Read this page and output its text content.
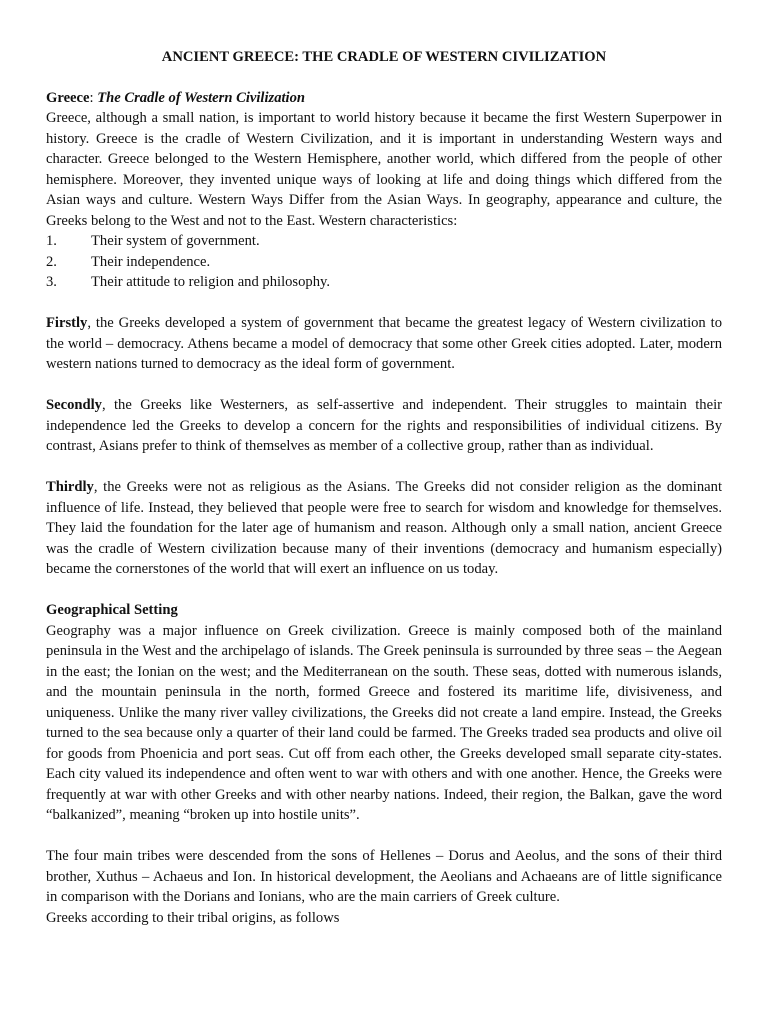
ANCIENT GREECE: THE CRADLE OF WESTERN CIVILIZATION

Greece: The Cradle of Western Civilization

Greece, although a small nation, is important to world history because it became the first Western Superpower in history. Greece is the cradle of Western Civilization, and it is important in understanding Western ways and character. Greece belonged to the Western Hemisphere, another world, which differed from the people of other hemisphere. Moreover, they invented unique ways of looking at life and doing things which differed from the Asian ways and culture. Western Ways Differ from the Asian Ways. In geography, appearance and culture, the Greeks belong to the West and not to the East. Western characteristics:

1.	Their system of government.
2.	Their independence.
3.	Their attitude to religion and philosophy.

Firstly, the Greeks developed a system of government that became the greatest legacy of Western civilization to the world – democracy. Athens became a model of democracy that some other Greek cities adopted. Later, modern western nations turned to democracy as the ideal form of government.

Secondly, the Greeks like Westerners, as self-assertive and independent. Their struggles to maintain their independence led the Greeks to develop a concern for the rights and responsibilities of individual citizens. By contrast, Asians prefer to think of themselves as member of a collective group, rather than as individual.

Thirdly, the Greeks were not as religious as the Asians. The Greeks did not consider religion as the dominant influence of life. Instead, they believed that people were free to search for wisdom and knowledge for themselves. They laid the foundation for the later age of humanism and reason. Although only a small nation, ancient Greece was the cradle of Western civilization because many of their inventions (democracy and humanism especially) became the cornerstones of the world that will exert an influence on us today.

Geographical Setting

Geography was a major influence on Greek civilization. Greece is mainly composed both of the mainland peninsula in the West and the archipelago of islands. The Greek peninsula is surrounded by three seas – the Aegean in the east; the Ionian on the west; and the Mediterranean on the south. These seas, dotted with numerous islands, and the mountain peninsula in the north, formed Greece and fostered its maritime life, divisiveness, and uniqueness. Unlike the many river valley civilizations, the Greeks did not create a land empire. Instead, the Greeks turned to the sea because only a quarter of their land could be farmed. The Greeks traded sea products and olive oil for goods from Phoenicia and port seas. Cut off from each other, the Greeks developed small separate city-states. Each city valued its independence and often went to war with others and with one another. Hence, the Greeks were frequently at war with other Greeks and with other nearby nations. Indeed, their region, the Balkan, gave the word “balkanized”, meaning “broken up into hostile units”.

The four main tribes were descended from the sons of Hellenes – Dorus and Aeolus, and the sons of their third brother, Xuthus – Achaeus and Ion. In historical development, the Aeolians and Achaeans are of little significance in comparison with the Dorians and Ionians, who are the main carriers of Greek culture.

Greeks according to their tribal origins, as follows
